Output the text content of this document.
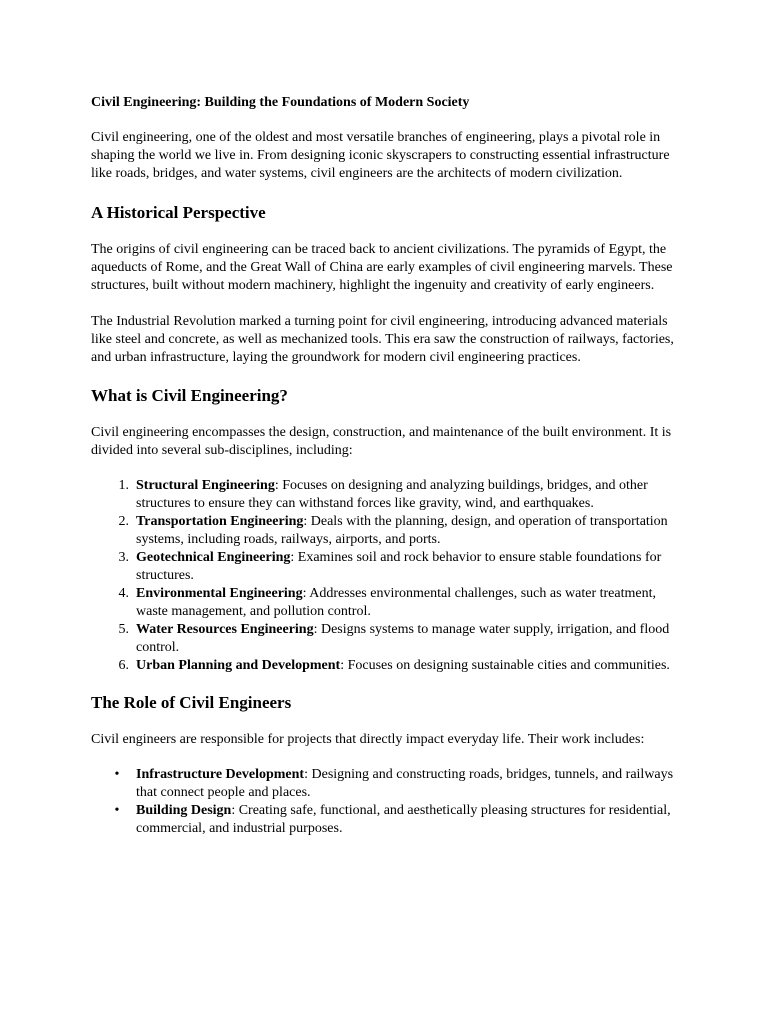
Civil Engineering: Building the Foundations of Modern Society

Civil engineering, one of the oldest and most versatile branches of engineering, plays a pivotal role in shaping the world we live in. From designing iconic skyscrapers to constructing essential infrastructure like roads, bridges, and water systems, civil engineers are the architects of modern civilization.

A Historical Perspective

The origins of civil engineering can be traced back to ancient civilizations. The pyramids of Egypt, the aqueducts of Rome, and the Great Wall of China are early examples of civil engineering marvels. These structures, built without modern machinery, highlight the ingenuity and creativity of early engineers.

The Industrial Revolution marked a turning point for civil engineering, introducing advanced materials like steel and concrete, as well as mechanized tools. This era saw the construction of railways, factories, and urban infrastructure, laying the groundwork for modern civil engineering practices.

What is Civil Engineering?

Civil engineering encompasses the design, construction, and maintenance of the built environment. It is divided into several sub-disciplines, including:

1. Structural Engineering: Focuses on designing and analyzing buildings, bridges, and other structures to ensure they can withstand forces like gravity, wind, and earthquakes.
2. Transportation Engineering: Deals with the planning, design, and operation of transportation systems, including roads, railways, airports, and ports.
3. Geotechnical Engineering: Examines soil and rock behavior to ensure stable foundations for structures.
4. Environmental Engineering: Addresses environmental challenges, such as water treatment, waste management, and pollution control.
5. Water Resources Engineering: Designs systems to manage water supply, irrigation, and flood control.
6. Urban Planning and Development: Focuses on designing sustainable cities and communities.
The Role of Civil Engineers

Civil engineers are responsible for projects that directly impact everyday life. Their work includes:

• Infrastructure Development: Designing and constructing roads, bridges, tunnels, and railways that connect people and places.
• Building Design: Creating safe, functional, and aesthetically pleasing structures for residential, commercial, and industrial purposes.
